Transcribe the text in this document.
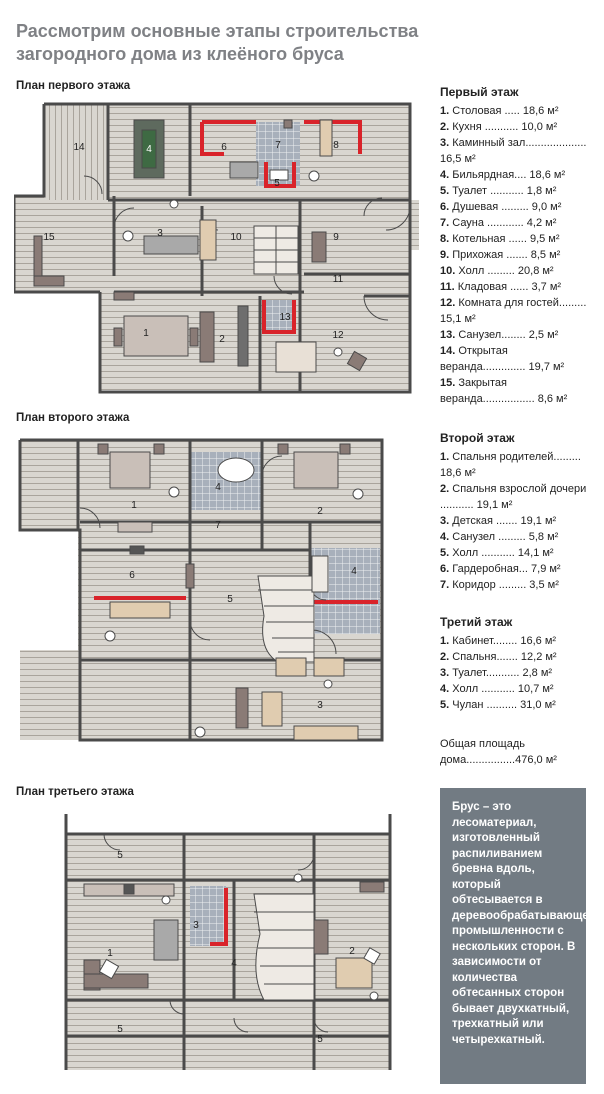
Рассмотрим основные этапы строительства
загородного дома из клеёного бруса
План первого этажа
14	4
15	3	10
6	7
5
8
9
11
1
2
13
12
План второго этажа
1
4
2
7
6
5
4
3
План третьего этажа
5
1
3
4
2
5
5
Первый этаж
1. Столовая ..... 18,6 м²
2. Кухня ........... 10,0 м²
3. Каминный зал.................... 16,5 м²
4. Бильярдная.... 18,6 м²
5. Туалет ........... 1,8 м²
6. Душевая ......... 9,0 м²
7. Сауна ............ 4,2 м²
8. Котельная ...... 9,5 м²
9. Прихожая ....... 8,5 м²
10. Холл ......... 20,8 м²
11. Кладовая ...... 3,7 м²
12. Комната для гостей......... 15,1 м²
13. Санузел........ 2,5 м²
14. Открытая веранда.............. 19,7 м²
15. Закрытая веранда................. 8,6 м²
Второй этаж
1. Спальня родителей......... 18,6 м²
2. Спальня взрослой дочери ........... 19,1 м²
3. Детская ....... 19,1 м²
4. Санузел ......... 5,8 м²
5. Холл ........... 14,1 м²
6. Гардеробная... 7,9 м²
7. Коридор ......... 3,5 м²
Третий этаж
1. Кабинет........ 16,6 м²
2. Спальня....... 12,2 м²
3. Туалет........... 2,8 м²
4. Холл ........... 10,7 м²
5. Чулан .......... 31,0 м²
Общая площадь
дома................476,0 м²
Брус – это лесоматериал, изготовленный распиливанием бревна вдоль, который обтесывается в деревообрабатывающей промышленности с нескольких сторон. В зависимости от количества обтесанных сторон бывает двухкатный, трехкатный или четырехкатный.
